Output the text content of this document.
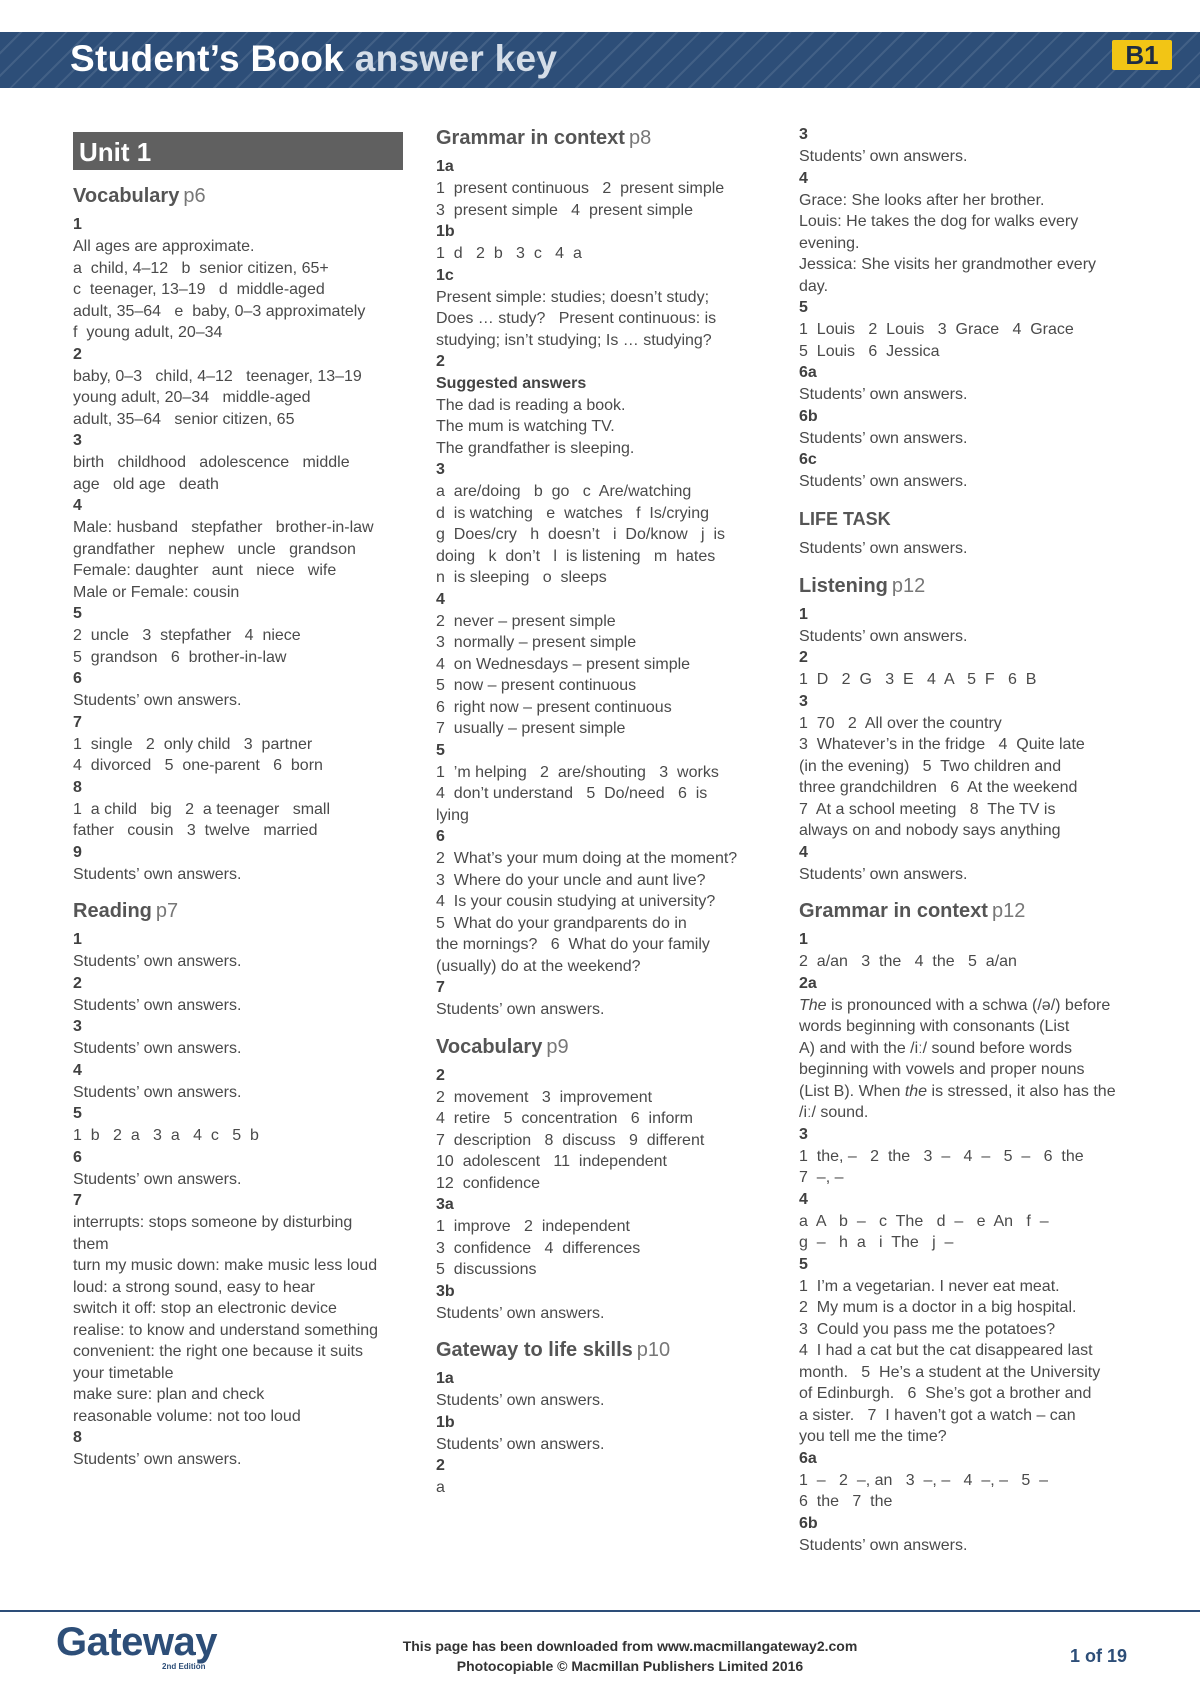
Student’s Book answer key	B1
Unit 1
Vocabulary p6
1
All ages are approximate.
a  child, 4–12   b  senior citizen, 65+
c  teenager, 13–19   d  middle-aged
adult, 35–64   e  baby, 0–3 approximately
f  young adult, 20–34
2
baby, 0–3   child, 4–12   teenager, 13–19
young adult, 20–34   middle-aged
adult, 35–64   senior citizen, 65
3
birth   childhood   adolescence   middle
age   old age   death
4
Male: husband   stepfather   brother-in-law
grandfather   nephew   uncle   grandson
Female: daughter   aunt   niece   wife
Male or Female: cousin
5
2  uncle   3  stepfather   4  niece
5  grandson   6  brother-in-law
6
Students’ own answers.
7
1  single   2  only child   3  partner
4  divorced   5  one-parent   6  born
8
1  a child   big   2  a teenager   small
father   cousin   3  twelve   married
9
Students’ own answers.
Reading p7
1
Students’ own answers.
2
Students’ own answers.
3
Students’ own answers.
4
Students’ own answers.
5
1  b   2  a   3  a   4  c   5  b
6
Students’ own answers.
7
interrupts: stops someone by disturbing
them
turn my music down: make music less loud
loud: a strong sound, easy to hear
switch it off: stop an electronic device
realise: to know and understand something
convenient: the right one because it suits
your timetable
make sure: plan and check
reasonable volume: not too loud
8
Students’ own answers.
Grammar in context p8
1a
1  present continuous   2  present simple
3  present simple   4  present simple
1b
1  d   2  b   3  c   4  a
1c
Present simple: studies; doesn’t study;
Does … study?   Present continuous: is
studying; isn’t studying; Is … studying?
2
Suggested answers
The dad is reading a book.
The mum is watching TV.
The grandfather is sleeping.
3
a  are/doing   b  go   c  Are/watching
d  is watching   e  watches   f  Is/crying
g  Does/cry   h  doesn’t   i  Do/know   j  is
doing   k  don’t   l  is listening   m  hates
n  is sleeping   o  sleeps
4
2  never – present simple
3  normally – present simple
4  on Wednesdays – present simple
5  now – present continuous
6  right now – present continuous
7  usually – present simple
5
1  ’m helping   2  are/shouting   3  works
4  don’t understand   5  Do/need   6  is
lying
6
2  What’s your mum doing at the moment?
3  Where do your uncle and aunt live?
4  Is your cousin studying at university?
5  What do your grandparents do in
the mornings?   6  What do your family
(usually) do at the weekend?
7
Students’ own answers.
Vocabulary p9
2
2  movement   3  improvement
4  retire   5  concentration   6  inform
7  description   8  discuss   9  different
10  adolescent   11  independent
12  confidence
3a
1  improve   2  independent
3  confidence   4  differences
5  discussions
3b
Students’ own answers.
Gateway to life skills p10
1a
Students’ own answers.
1b
Students’ own answers.
2
a
3
Students’ own answers.
4
Grace: She looks after her brother.
Louis: He takes the dog for walks every
evening.
Jessica: She visits her grandmother every
day.
5
1  Louis   2  Louis   3  Grace   4  Grace
5  Louis   6  Jessica
6a
Students’ own answers.
6b
Students’ own answers.
6c
Students’ own answers.
LIFE TASK
Students’ own answers.
Listening p12
1
Students’ own answers.
2
1  D   2  G   3  E   4  A   5  F   6  B
3
1  70   2  All over the country
3  Whatever’s in the fridge   4  Quite late
(in the evening)   5  Two children and
three grandchildren   6  At the weekend
7  At a school meeting   8  The TV is
always on and nobody says anything
4
Students’ own answers.
Grammar in context p12
1
2  a/an   3  the   4  the   5  a/an
2a
The is pronounced with a schwa (/ə/) before
words beginning with consonants (List
A) and with the /iː/ sound before words
beginning with vowels and proper nouns
(List B). When the is stressed, it also has the
/iː/ sound.
3
1  the, –   2  the   3  –   4  –   5  –   6  the
7  –, –
4
a  A   b  –   c  The   d  –   e  An   f  –
g  –   h  a   i  The   j  –
5
1  I’m a vegetarian. I never eat meat.
2  My mum is a doctor in a big hospital.
3  Could you pass me the potatoes?
4  I had a cat but the cat disappeared last
month.   5  He’s a student at the University
of Edinburgh.   6  She’s got a brother and
a sister.   7  I haven’t got a watch – can
you tell me the time?
6a
1  –   2  –, an   3  –, –   4  –, –   5  –
6  the   7  the
6b
Students’ own answers.
Gateway
2nd Edition
This page has been downloaded from www.macmillangateway2.com
Photocopiable © Macmillan Publishers Limited 2016	1 of 19
